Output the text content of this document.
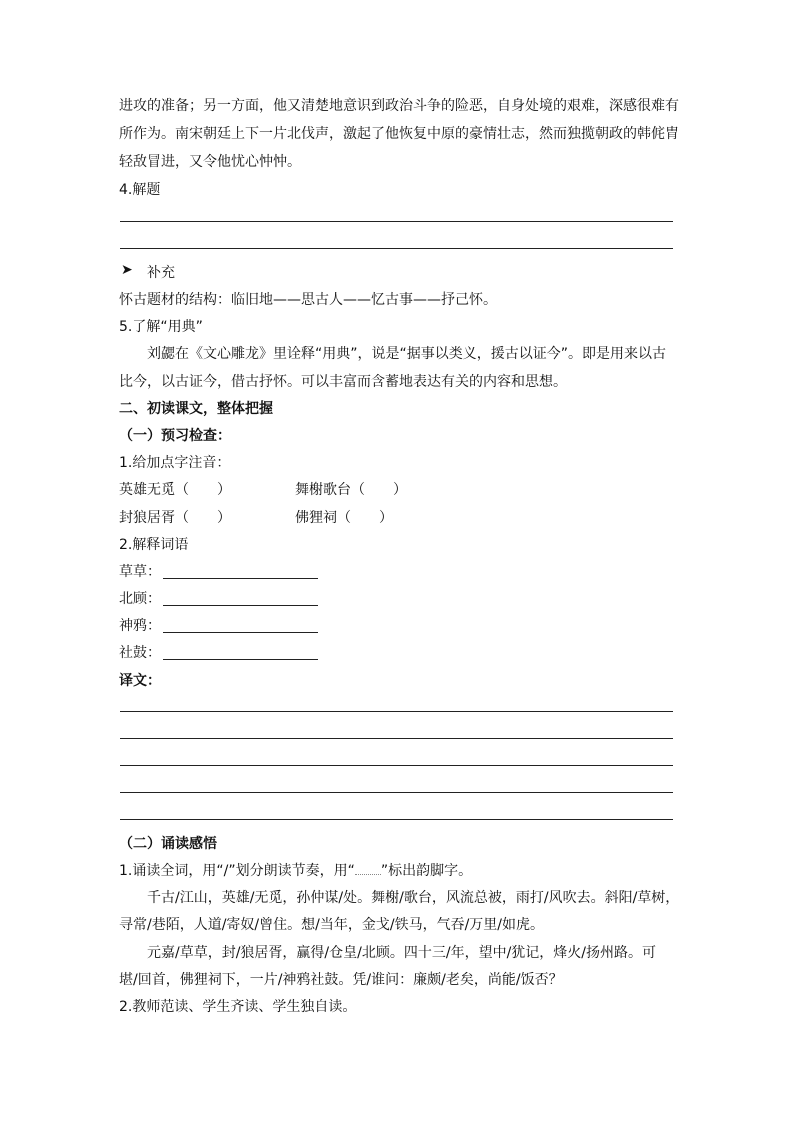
进攻的准备；另一方面，他又清楚地意识到政治斗争的险恶，自身处境的艰难，深感很难有
所作为。南宋朝廷上下一片北伐声，激起了他恢复中原的豪情壮志，然而独揽朝政的韩侂胄
轻敌冒进，又令他忧心忡忡。
4.解题
➤ 补充
怀古题材的结构：临旧地——思古人——忆古事——抒己怀。
5.了解“用典”
刘勰在《文心雕龙》里诠释“用典”，说是“据事以类义，援古以证今”。即是用来以古
比今，以古证今，借古抒怀。可以丰富而含蓄地表达有关的内容和思想。
二、初读课文，整体把握
（一）预习检查：
1.给加点字注音：
英雄无觅（　　）	舞榭歌台（　　）
封狼居胥（　　）	佛狸祠（　　）
2.解释词语
草草：
北顾：
神鸦：
社鼓：
译文：
（二）诵读感悟
1.诵读全词，用“/”划分朗读节奏，用“ ”标出韵脚字。
千古/江山，英雄/无觅，孙仲谋/处。舞榭/歌台，风流总被，雨打/风吹去。斜阳/草树，
寻常/巷陌，人道/寄奴/曾住。想/当年，金戈/铁马，气吞/万里/如虎。
元嘉/草草，封/狼居胥，赢得/仓皇/北顾。四十三/年，望中/犹记，烽火/扬州路。可
堪/回首，佛狸祠下，一片/神鸦社鼓。凭/谁问：廉颇/老矣，尚能/饭否？
2.教师范读、学生齐读、学生独自读。
